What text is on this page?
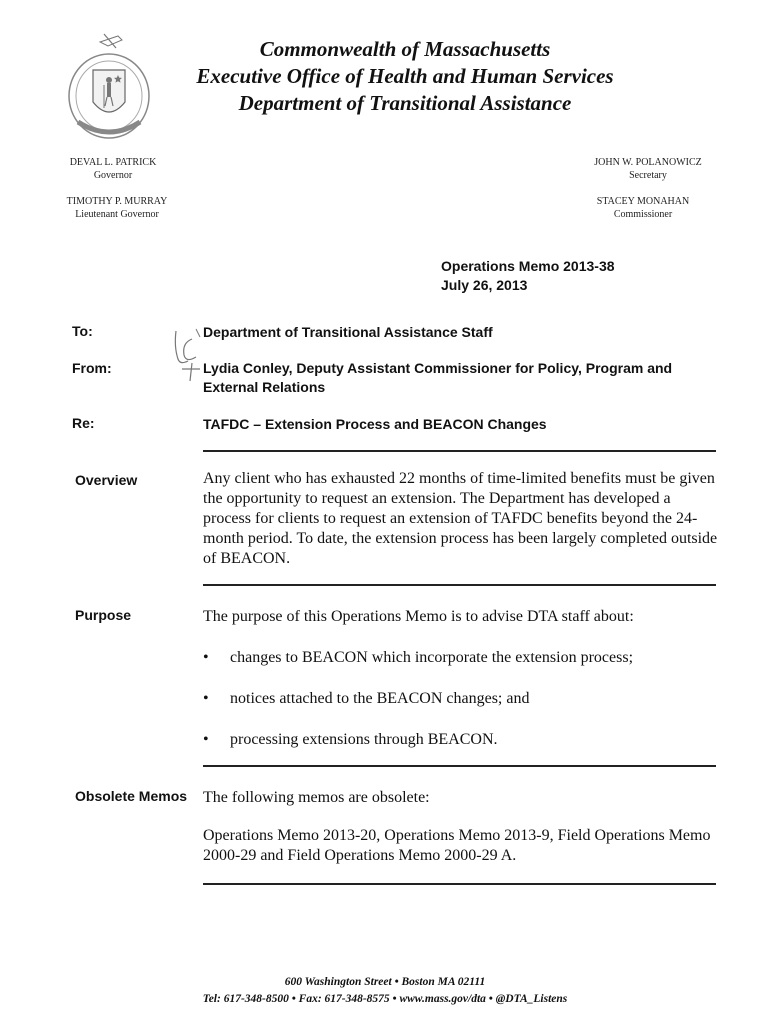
Commonwealth of Massachusetts
Executive Office of Health and Human Services
Department of Transitional Assistance
DEVAL L. PATRICK
Governor
TIMOTHY P. MURRAY
Lieutenant Governor
JOHN W. POLANOWICZ
Secretary
STACEY MONAHAN
Commissioner
Operations Memo 2013-38
July 26, 2013
To:	Department of Transitional Assistance Staff
From:	Lydia Conley, Deputy Assistant Commissioner for Policy, Program and External Relations
Re:	TAFDC – Extension Process and BEACON Changes
Overview	Any client who has exhausted 22 months of time-limited benefits must be given the opportunity to request an extension. The Department has developed a process for clients to request an extension of TAFDC benefits beyond the 24-month period. To date, the extension process has been largely completed outside of BEACON.
Purpose	The purpose of this Operations Memo is to advise DTA staff about:
• changes to BEACON which incorporate the extension process;
• notices attached to the BEACON changes; and
• processing extensions through BEACON.
Obsolete Memos The following memos are obsolete:
Operations Memo 2013-20, Operations Memo 2013-9, Field Operations Memo 2000-29 and Field Operations Memo 2000-29 A.
600 Washington Street • Boston MA 02111
Tel: 617-348-8500 • Fax: 617-348-8575 • www.mass.gov/dta • @DTA_Listens
